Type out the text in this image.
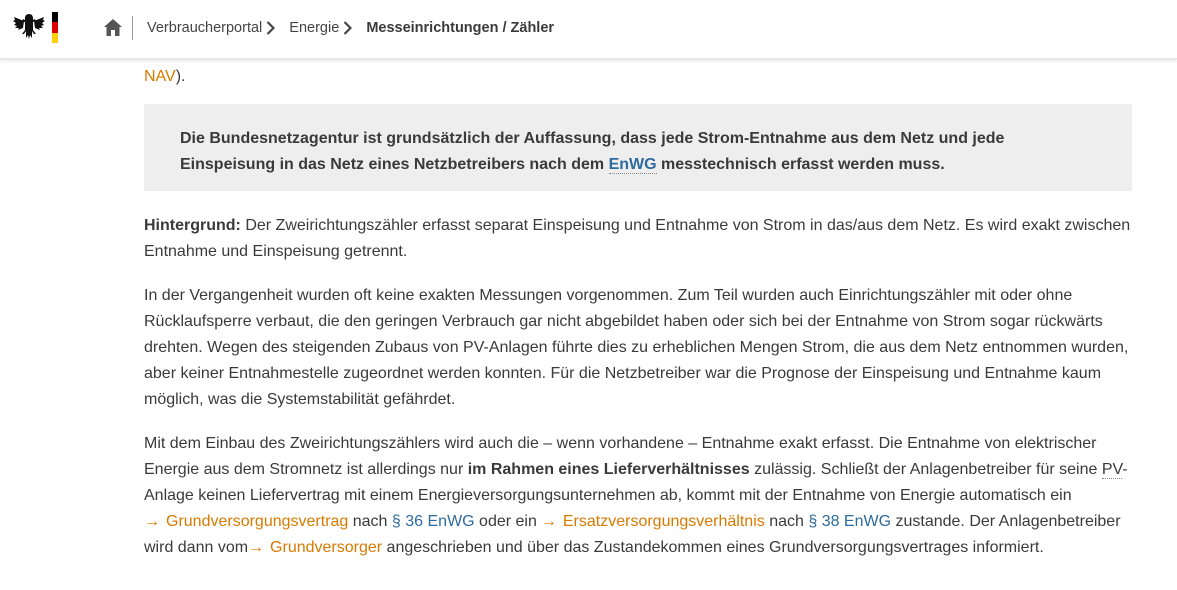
Verbraucherportal
Energie Messeinrichtungen / Zähler
NAV).
Die Bundesnetzagentur ist grundsätzlich der Auffassung, dass jede Strom-Entnahme aus dem Netz und jede Einspeisung in das Netz eines Netzbetreibers nach dem EnWG messtechnisch erfasst werden muss.

Hintergrund: Der Zweirichtungszähler erfasst separat Einspeisung und Entnahme von Strom in das/aus dem Netz. Es wird exakt zwischen Entnahme und Einspeisung getrennt.

In der Vergangenheit wurden oft keine exakten Messungen vorgenommen. Zum Teil wurden auch Einrichtungszähler mit oder ohne Rücklaufsperre verbaut, die den geringen Verbrauch gar nicht abgebildet haben oder sich bei der Entnahme von Strom sogar rückwärts drehten. Wegen des steigenden Zubaus von PV-Anlagen führte dies zu erheblichen Mengen Strom, die aus dem Netz entnommen wurden, aber keiner Entnahmestelle zugeordnet werden konnten. Für die Netzbetreiber war die Prognose der Einspeisung und Entnahme kaum möglich, was die Systemstabilität gefährdet.

Mit dem Einbau des Zweirichtungszählers wird auch die – wenn vorhandene – Entnahme exakt erfasst. Die Entnahme von elektrischer Energie aus dem Stromnetz ist allerdings nur im Rahmen eines Lieferverhältnisses zulässig. Schließt der Anlagenbetreiber für seine PV-Anlage keinen Liefervertrag mit einem Energieversorgungsunternehmen ab, kommt mit der Entnahme von Energie automatisch ein
→ Grundversorgungsvertrag nach § 36 EnWG oder ein → Ersatzversorgungsverhältnis nach § 38 EnWG zustande. Der Anlagenbetreiber wird dann vom→ Grundversorger angeschrieben und über das Zustandekommen eines Grundversorgungsvertrages informiert.
